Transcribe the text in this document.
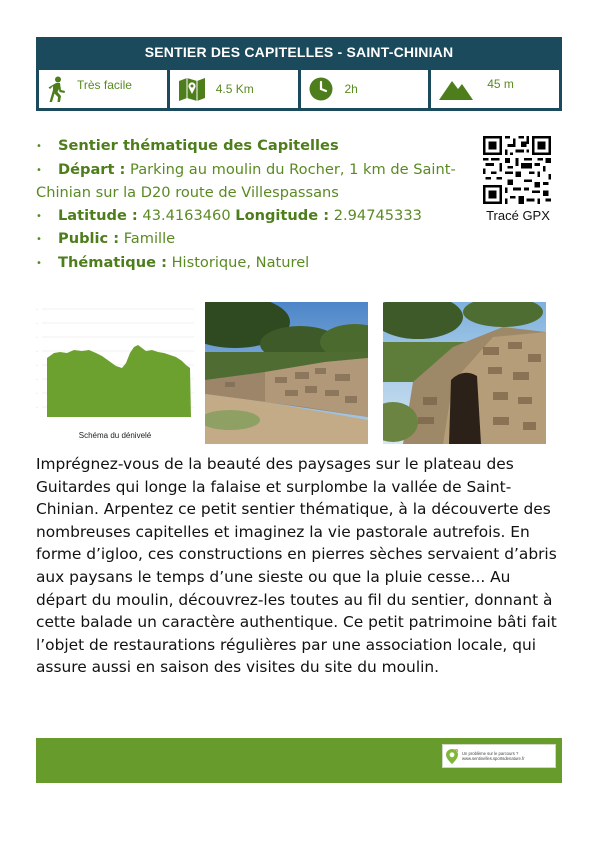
SENTIER DES CAPITELLES - SAINT-CHINIAN
Très facile	4.5 Km	2h	45 m
• Sentier thématique des Capitelles
• Départ : Parking au moulin du Rocher, 1 km de Saint-Chinian sur la D20 route de Villespassans
• Latitude : 43.4163460 Longitude : 2.94745333
• Public : Famille
• Thématique : Historique, Naturel
Tracé GPX
–
–
–
–
–
–
–
–
Schéma du dénivelé
Imprégnez-vous de la beauté des paysages sur le plateau des Guitardes qui longe la falaise et surplombe la vallée de Saint-Chinian. Arpentez ce petit sentier thématique, à la découverte des nombreuses capitelles et imaginez la vie pastorale autrefois. En forme d’igloo, ces constructions en pierres sèches servaient d’abris aux paysans le temps d’une sieste ou que la pluie cesse... Au départ du moulin, découvrez-les toutes au fil du sentier, donnant à cette balade un caractère authentique. Ce petit patrimoine bâti fait l’objet de restaurations régulières par une association locale, qui assure aussi en saison des visites du site du moulin.
Un problème sur le parcours ?
www.sentinelles.sportsdenature.fr
